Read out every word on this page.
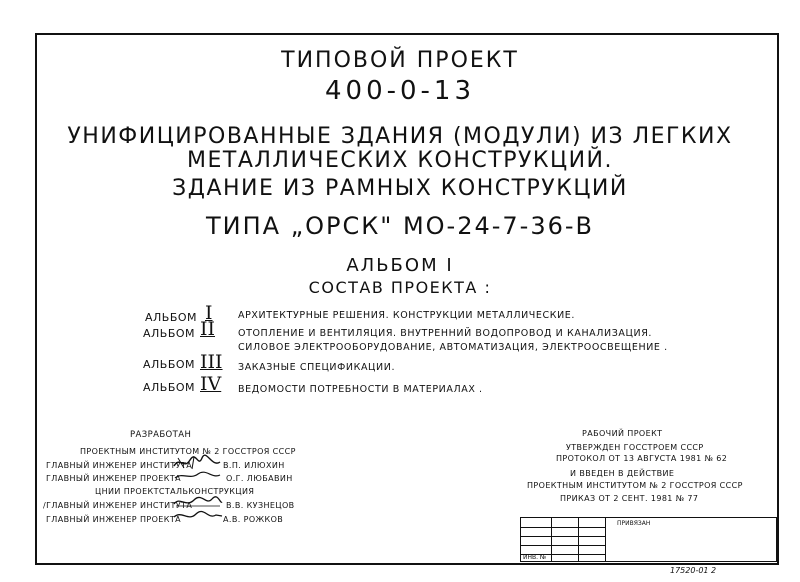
ТИПОВОЙ ПРОЕКТ
400-0-13
УНИФИЦИРОВАННЫЕ ЗДАНИЯ (МОДУЛИ) ИЗ ЛЕГКИХ
МЕТАЛЛИЧЕСКИХ КОНСТРУКЦИЙ.
ЗДАНИЕ ИЗ РАМНЫХ КОНСТРУКЦИЙ
ТИПА „ОРСК" МО-24-7-36-В
АЛЬБОМ I
СОСТАВ ПРОЕКТА :
АЛЬБОМ I	АРХИТЕКТУРНЫЕ РЕШЕНИЯ. КОНСТРУКЦИИ МЕТАЛЛИЧЕСКИЕ.
АЛЬБОМ II ОТОПЛЕНИЕ И ВЕНТИЛЯЦИЯ. ВНУТРЕННИЙ ВОДОПРОВОД И КАНАЛИЗАЦИЯ.
СИЛОВОЕ ЭЛЕКТРООБОРУДОВАНИЕ, АВТОМАТИЗАЦИЯ, ЭЛЕКТРООСВЕЩЕНИЕ .
АЛЬБОМ III ЗАКАЗНЫЕ СПЕЦИФИКАЦИИ.
АЛЬБОМ IV ВЕДОМОСТИ ПОТРЕБНОСТИ В МАТЕРИАЛАХ .
РАЗРАБОТАН
ПРОЕКТНЫМ ИНСТИТУТОМ № 2 ГОССТРОЯ СССР
ГЛАВНЫЙ ИНЖЕНЕР ИНСТИТУТА	В.П. ИЛЮХИН
ГЛАВНЫЙ ИНЖЕНЕР ПРОЕКТА	О.Г. ЛЮБАВИН
ЦНИИ ПРОЕКТСТАЛЬКОНСТРУКЦИЯ
/ГЛАВНЫЙ ИНЖЕНЕР ИНСТИТУТА	В.В. КУЗНЕЦОВ
ГЛАВНЫЙ ИНЖЕНЕР ПРОЕКТА	А.В. РОЖКОВ
РАБОЧИЙ ПРОЕКТ
УТВЕРЖДЕН ГОССТРОЕМ СССР
ПРОТОКОЛ ОТ 13 АВГУСТА 1981 № 62
И ВВЕДЕН В ДЕЙСТВИЕ
ПРОЕКТНЫМ ИНСТИТУТОМ № 2 ГОССТРОЯ СССР
ПРИКАЗ ОТ 2 СЕНТ. 1981 № 77
ПРИВЯЗАН
ИНВ. №
17520-01 2
